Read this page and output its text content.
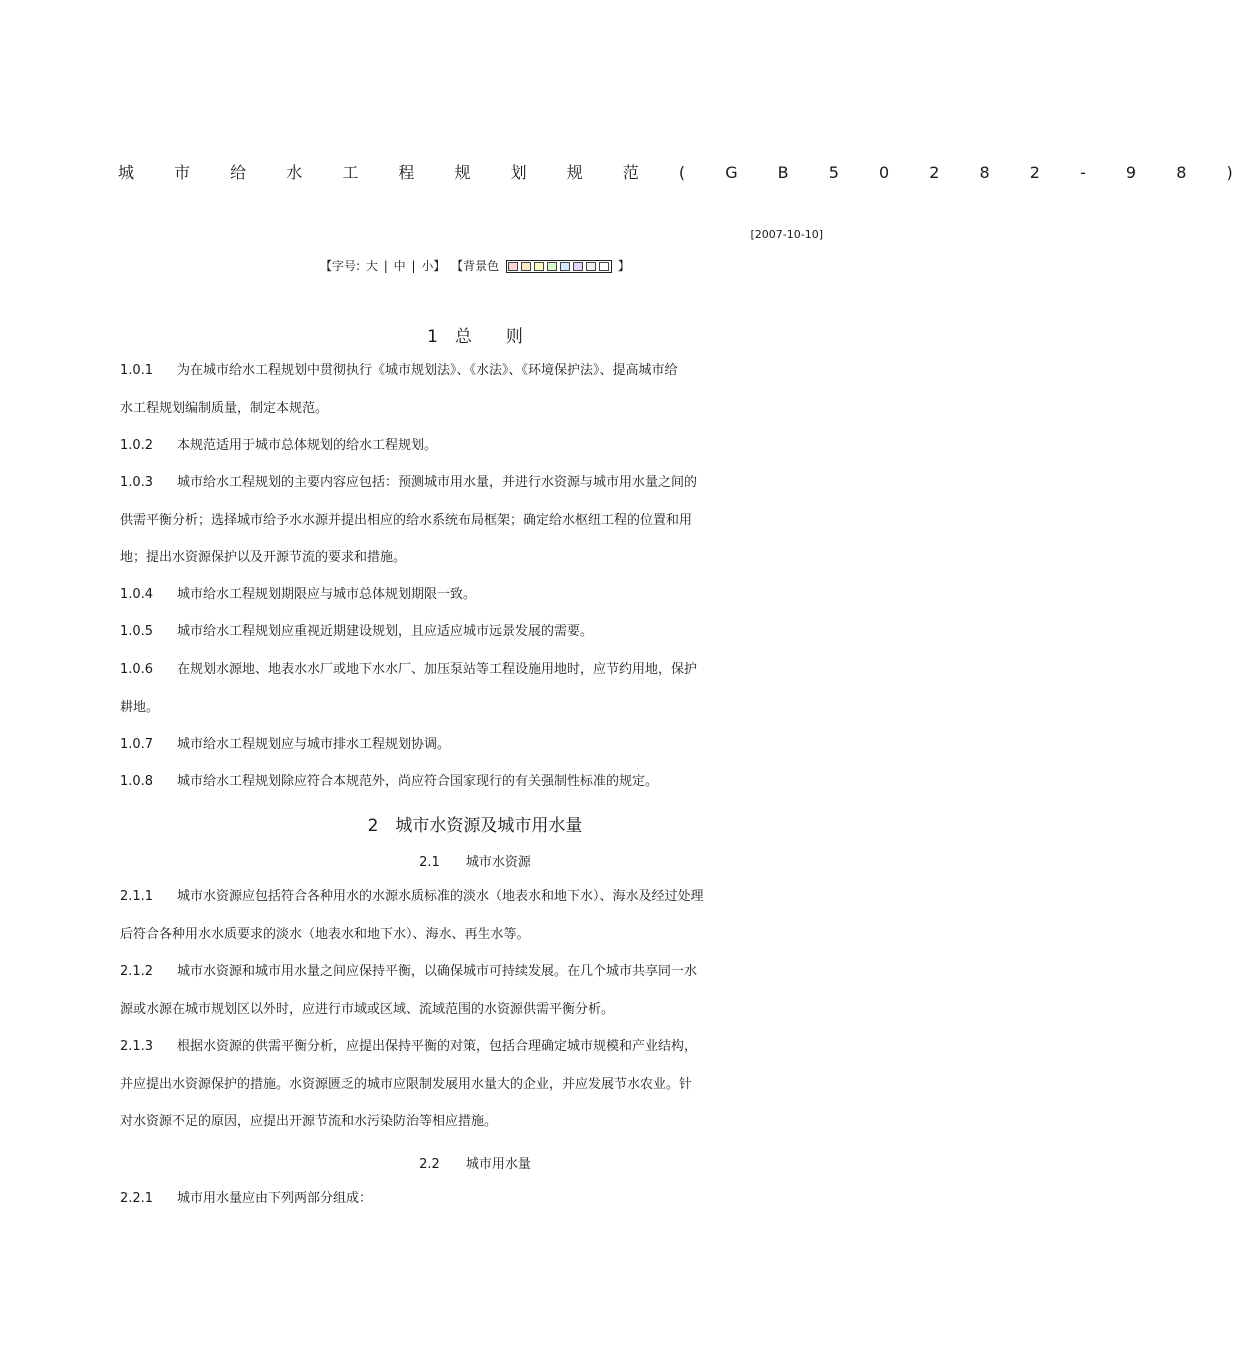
城 市 给 水 工 程 规 划 规 范 ( G B 5 0 2 8 2 - 9 8 )
[2007-10-10]
【字号: 大 | 中 | 小】 【背景色	】
1　总　　则
1.0.1 为在城市给水工程规划中贯彻执行《城市规划法》、《水法》、《环境保护法》、提高城市给
水工程规划编制质量，制定本规范。
1.0.2 本规范适用于城市总体规划的给水工程规划。
1.0.3 城市给水工程规划的主要内容应包括：预测城市用水量，并进行水资源与城市用水量之间的
供需平衡分析；选择城市给予水水源并提出相应的给水系统布局框架；确定给水枢纽工程的位置和用
地；提出水资源保护以及开源节流的要求和措施。
1.0.4 城市给水工程规划期限应与城市总体规划期限一致。
1.0.5 城市给水工程规划应重视近期建设规划，且应适应城市远景发展的需要。
1.0.6 在规划水源地、地表水水厂或地下水水厂、加压泵站等工程设施用地时，应节约用地，保护
耕地。
1.0.7 城市给水工程规划应与城市排水工程规划协调。
1.0.8 城市给水工程规划除应符合本规范外，尚应符合国家现行的有关强制性标准的规定。
2　城市水资源及城市用水量
2.1　　城市水资源
2.1.1 城市水资源应包括符合各种用水的水源水质标准的淡水（地表水和地下水）、海水及经过处理
后符合各种用水水质要求的淡水（地表水和地下水）、海水、再生水等。
2.1.2 城市水资源和城市用水量之间应保持平衡，以确保城市可持续发展。在几个城市共享同一水
源或水源在城市规划区以外时，应进行市域或区域、流域范围的水资源供需平衡分析。
2.1.3 根据水资源的供需平衡分析，应提出保持平衡的对策，包括合理确定城市规模和产业结构，
并应提出水资源保护的措施。水资源匮乏的城市应限制发展用水量大的企业，并应发展节水农业。针
对水资源不足的原因，应提出开源节流和水污染防治等相应措施。
2.2　　城市用水量
2.2.1 城市用水量应由下列两部分组成：
